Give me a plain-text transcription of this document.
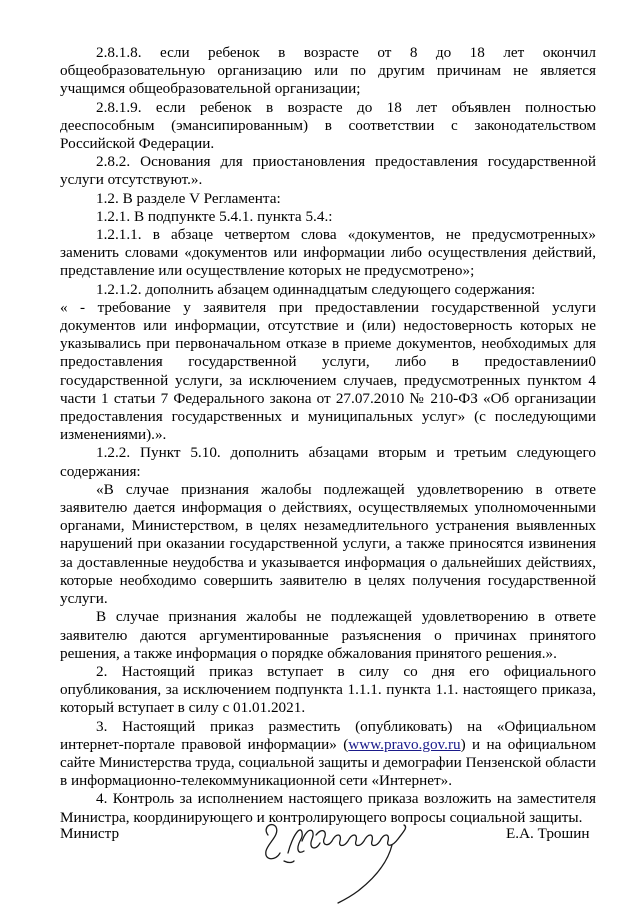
2.8.1.8. если ребенок в возрасте от 8 до 18 лет окончил общеобразовательную организацию или по другим причинам не является учащимся общеобразовательной организации;

2.8.1.9. если ребенок в возрасте до 18 лет объявлен полностью дееспособным (эмансипированным) в соответствии с законодательством Российской Федерации.

2.8.2. Основания для приостановления предоставления государственной услуги отсутствуют.».

1.2. В разделе V Регламента:

1.2.1. В подпункте 5.4.1. пункта 5.4.:

1.2.1.1. в абзаце четвертом слова «документов, не предусмотренных» заменить словами «документов или информации либо осуществления действий, представление или осуществление которых не предусмотрено»;

1.2.1.2. дополнить абзацем одиннадцатым следующего содержания:

« - требование у заявителя при предоставлении государственной услуги документов или информации, отсутствие и (или) недостоверность которых не указывались при первоначальном отказе в приеме документов, необходимых для предоставления государственной услуги, либо в предоставлении0 государственной услуги, за исключением случаев, предусмотренных пунктом 4 части 1 статьи 7 Федерального закона от 27.07.2010 № 210-ФЗ «Об организации предоставления государственных и муниципальных услуг» (с последующими изменениями).».

1.2.2. Пункт 5.10. дополнить абзацами вторым и третьим следующего содержания:

«В случае признания жалобы подлежащей удовлетворению в ответе заявителю дается информация о действиях, осуществляемых уполномоченными органами, Министерством, в целях незамедлительного устранения выявленных нарушений при оказании государственной услуги, а также приносятся извинения за доставленные неудобства и указывается информация о дальнейших действиях, которые необходимо совершить заявителю в целях получения государственной услуги.

В случае признания жалобы не подлежащей удовлетворению в ответе заявителю даются аргументированные разъяснения о причинах принятого решения, а также информация о порядке обжалования принятого решения.».

2. Настоящий приказ вступает в силу со дня его официального опубликования, за исключением подпункта 1.1.1. пункта 1.1. настоящего приказа, который вступает в силу с 01.01.2021.

3. Настоящий приказ разместить (опубликовать) на «Официальном интернет-портале правовой информации» (www.pravo.gov.ru) и на официальном сайте Министерства труда, социальной защиты и демографии Пензенской области в информационно-телекоммуникационной сети «Интернет».

4. Контроль за исполнением настоящего приказа возложить на заместителя Министра, координирующего и контролирующего вопросы социальной защиты.

Министр	Е.А. Трошин
